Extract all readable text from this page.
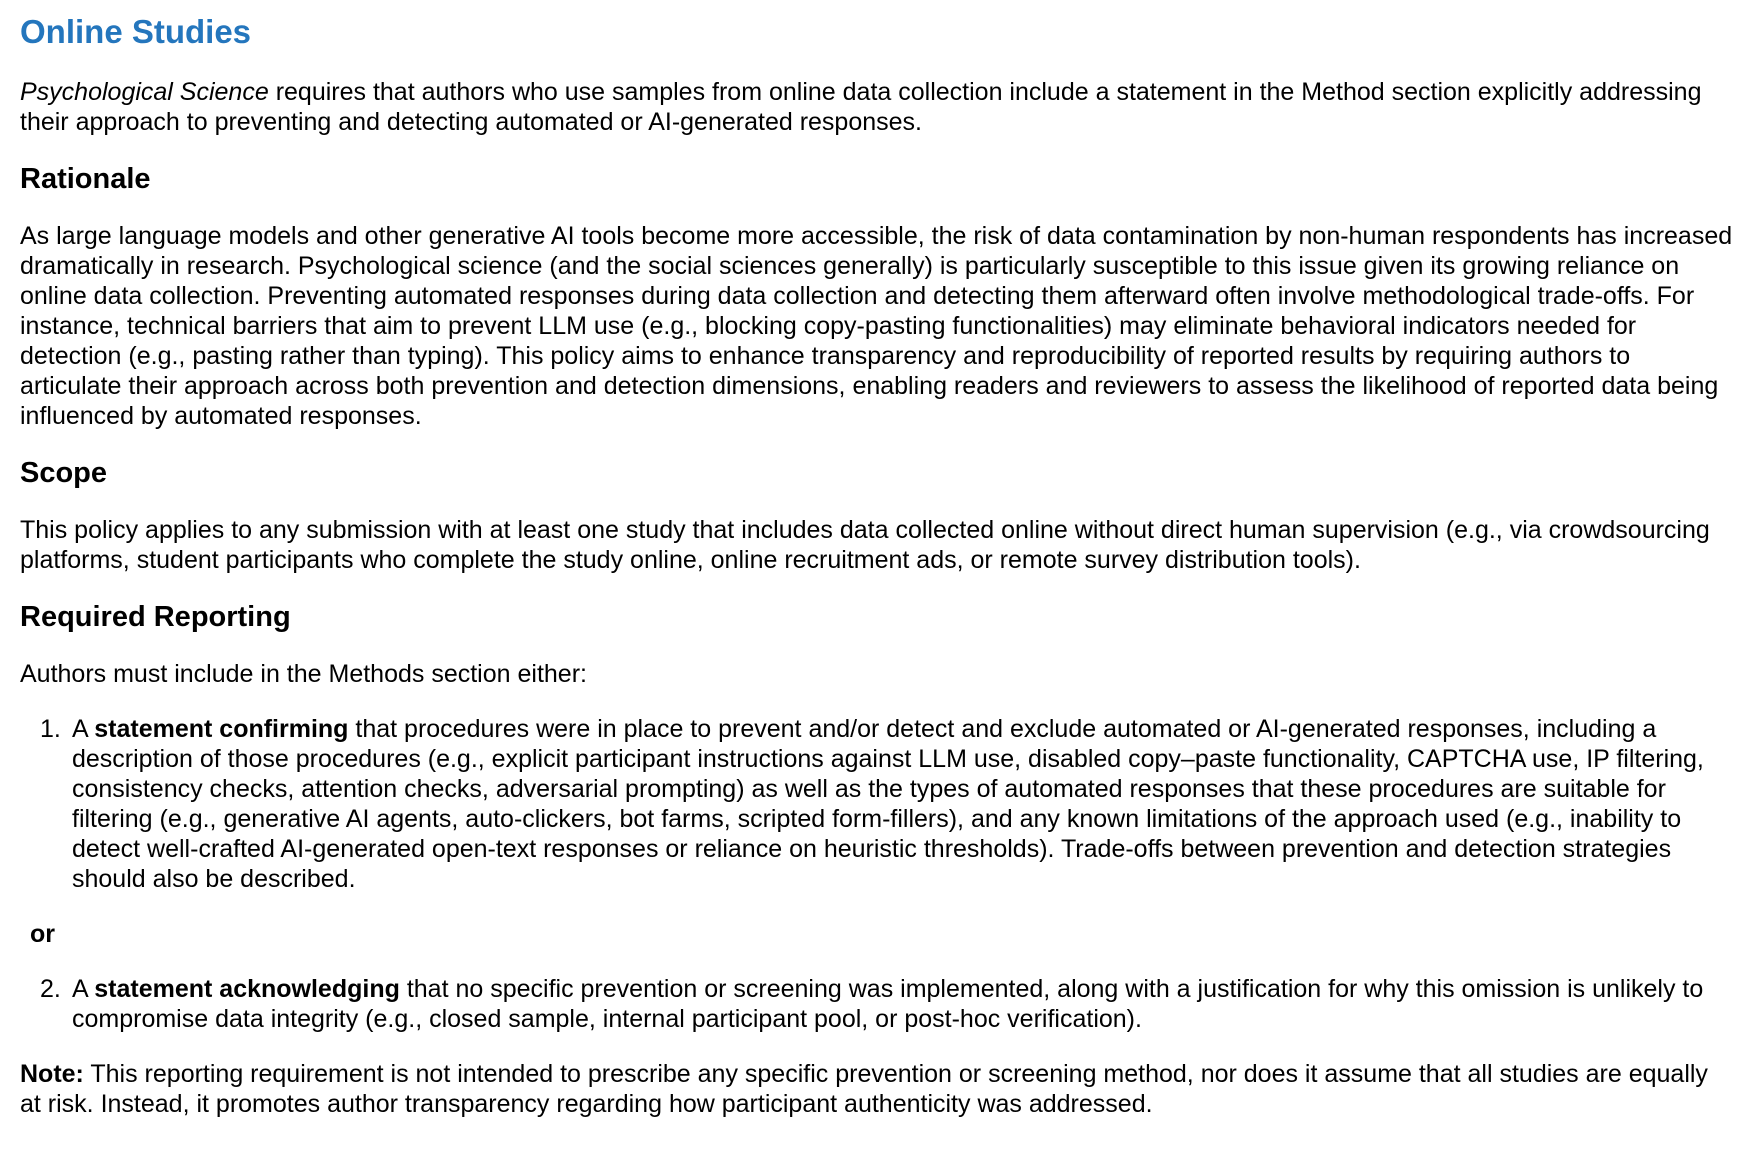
Online Studies

Psychological Science requires that authors who use samples from online data collection include a statement in the Method section explicitly addressing their approach to preventing and detecting automated or AI-generated responses.

Rationale

As large language models and other generative AI tools become more accessible, the risk of data contamination by non-human respondents has increased dramatically in research. Psychological science (and the social sciences generally) is particularly susceptible to this issue given its growing reliance on online data collection. Preventing automated responses during data collection and detecting them afterward often involve methodological trade-offs. For instance, technical barriers that aim to prevent LLM use (e.g., blocking copy-pasting functionalities) may eliminate behavioral indicators needed for detection (e.g., pasting rather than typing). This policy aims to enhance transparency and reproducibility of reported results by requiring authors to articulate their approach across both prevention and detection dimensions, enabling readers and reviewers to assess the likelihood of reported data being influenced by automated responses.

Scope

This policy applies to any submission with at least one study that includes data collected online without direct human supervision (e.g., via crowdsourcing platforms, student participants who complete the study online, online recruitment ads, or remote survey distribution tools).

Required Reporting

Authors must include in the Methods section either:

1. A statement confirming that procedures were in place to prevent and/or detect and exclude automated or AI-generated responses, including a description of those procedures (e.g., explicit participant instructions against LLM use, disabled copy–paste functionality, CAPTCHA use, IP filtering, consistency checks, attention checks, adversarial prompting) as well as the types of automated responses that these procedures are suitable for filtering (e.g., generative AI agents, auto-clickers, bot farms, scripted form-fillers), and any known limitations of the approach used (e.g., inability to detect well-crafted AI-generated open-text responses or reliance on heuristic thresholds). Trade-offs between prevention and detection strategies should also be described.

or

2. A statement acknowledging that no specific prevention or screening was implemented, along with a justification for why this omission is unlikely to compromise data integrity (e.g., closed sample, internal participant pool, or post-hoc verification).

Note: This reporting requirement is not intended to prescribe any specific prevention or screening method, nor does it assume that all studies are equally at risk. Instead, it promotes author transparency regarding how participant authenticity was addressed.
